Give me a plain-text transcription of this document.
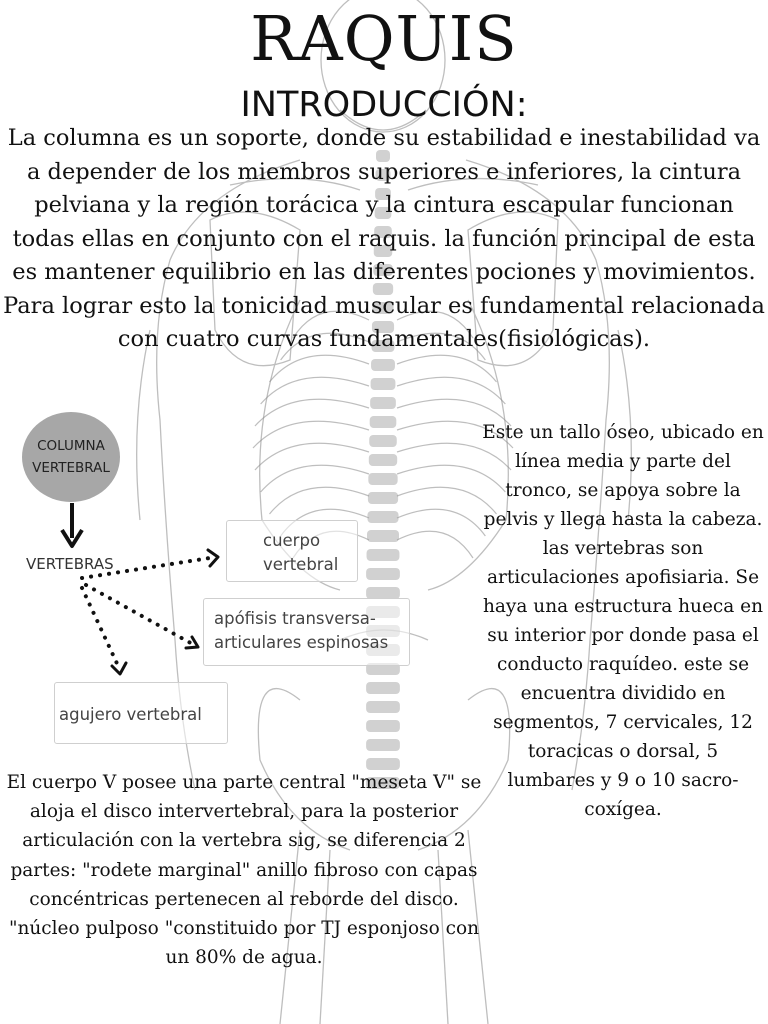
RAQUIS
INTRODUCCIÓN:
La columna es un soporte, donde su estabilidad e inestabilidad va a depender de los miembros superiores e inferiores, la cintura pelviana y la región torácica y la cintura escapular funcionan todas ellas en conjunto con el raquis. la función principal de esta es mantener equilibrio en las diferentes pociones y movimientos. Para lograr esto la tonicidad muscular es fundamental relacionada con cuatro curvas fundamentales(fisiológicas).
COLUMNA
VERTEBRAL
VERTEBRAS
cuerpo
vertebral
apófisis transversa-
articulares espinosas
agujero vertebral
Este un tallo óseo, ubicado en línea media y parte del tronco, se apoya sobre la pelvis y llega hasta la cabeza. las vertebras son articulaciones apofisiaria. Se haya una estructura hueca en su interior por donde pasa el conducto raquídeo. este se encuentra dividido en segmentos, 7 cervicales, 12 toracicas o dorsal, 5 lumbares y 9 o 10 sacro-coxígea.
El cuerpo V posee una parte central "meseta V" se aloja el disco intervertebral, para la posterior articulación con la vertebra sig, se diferencia 2 partes: "rodete marginal" anillo fibroso con capas concéntricas pertenecen al reborde del disco. "núcleo pulposo "constituido por TJ esponjoso con un 80% de agua.
